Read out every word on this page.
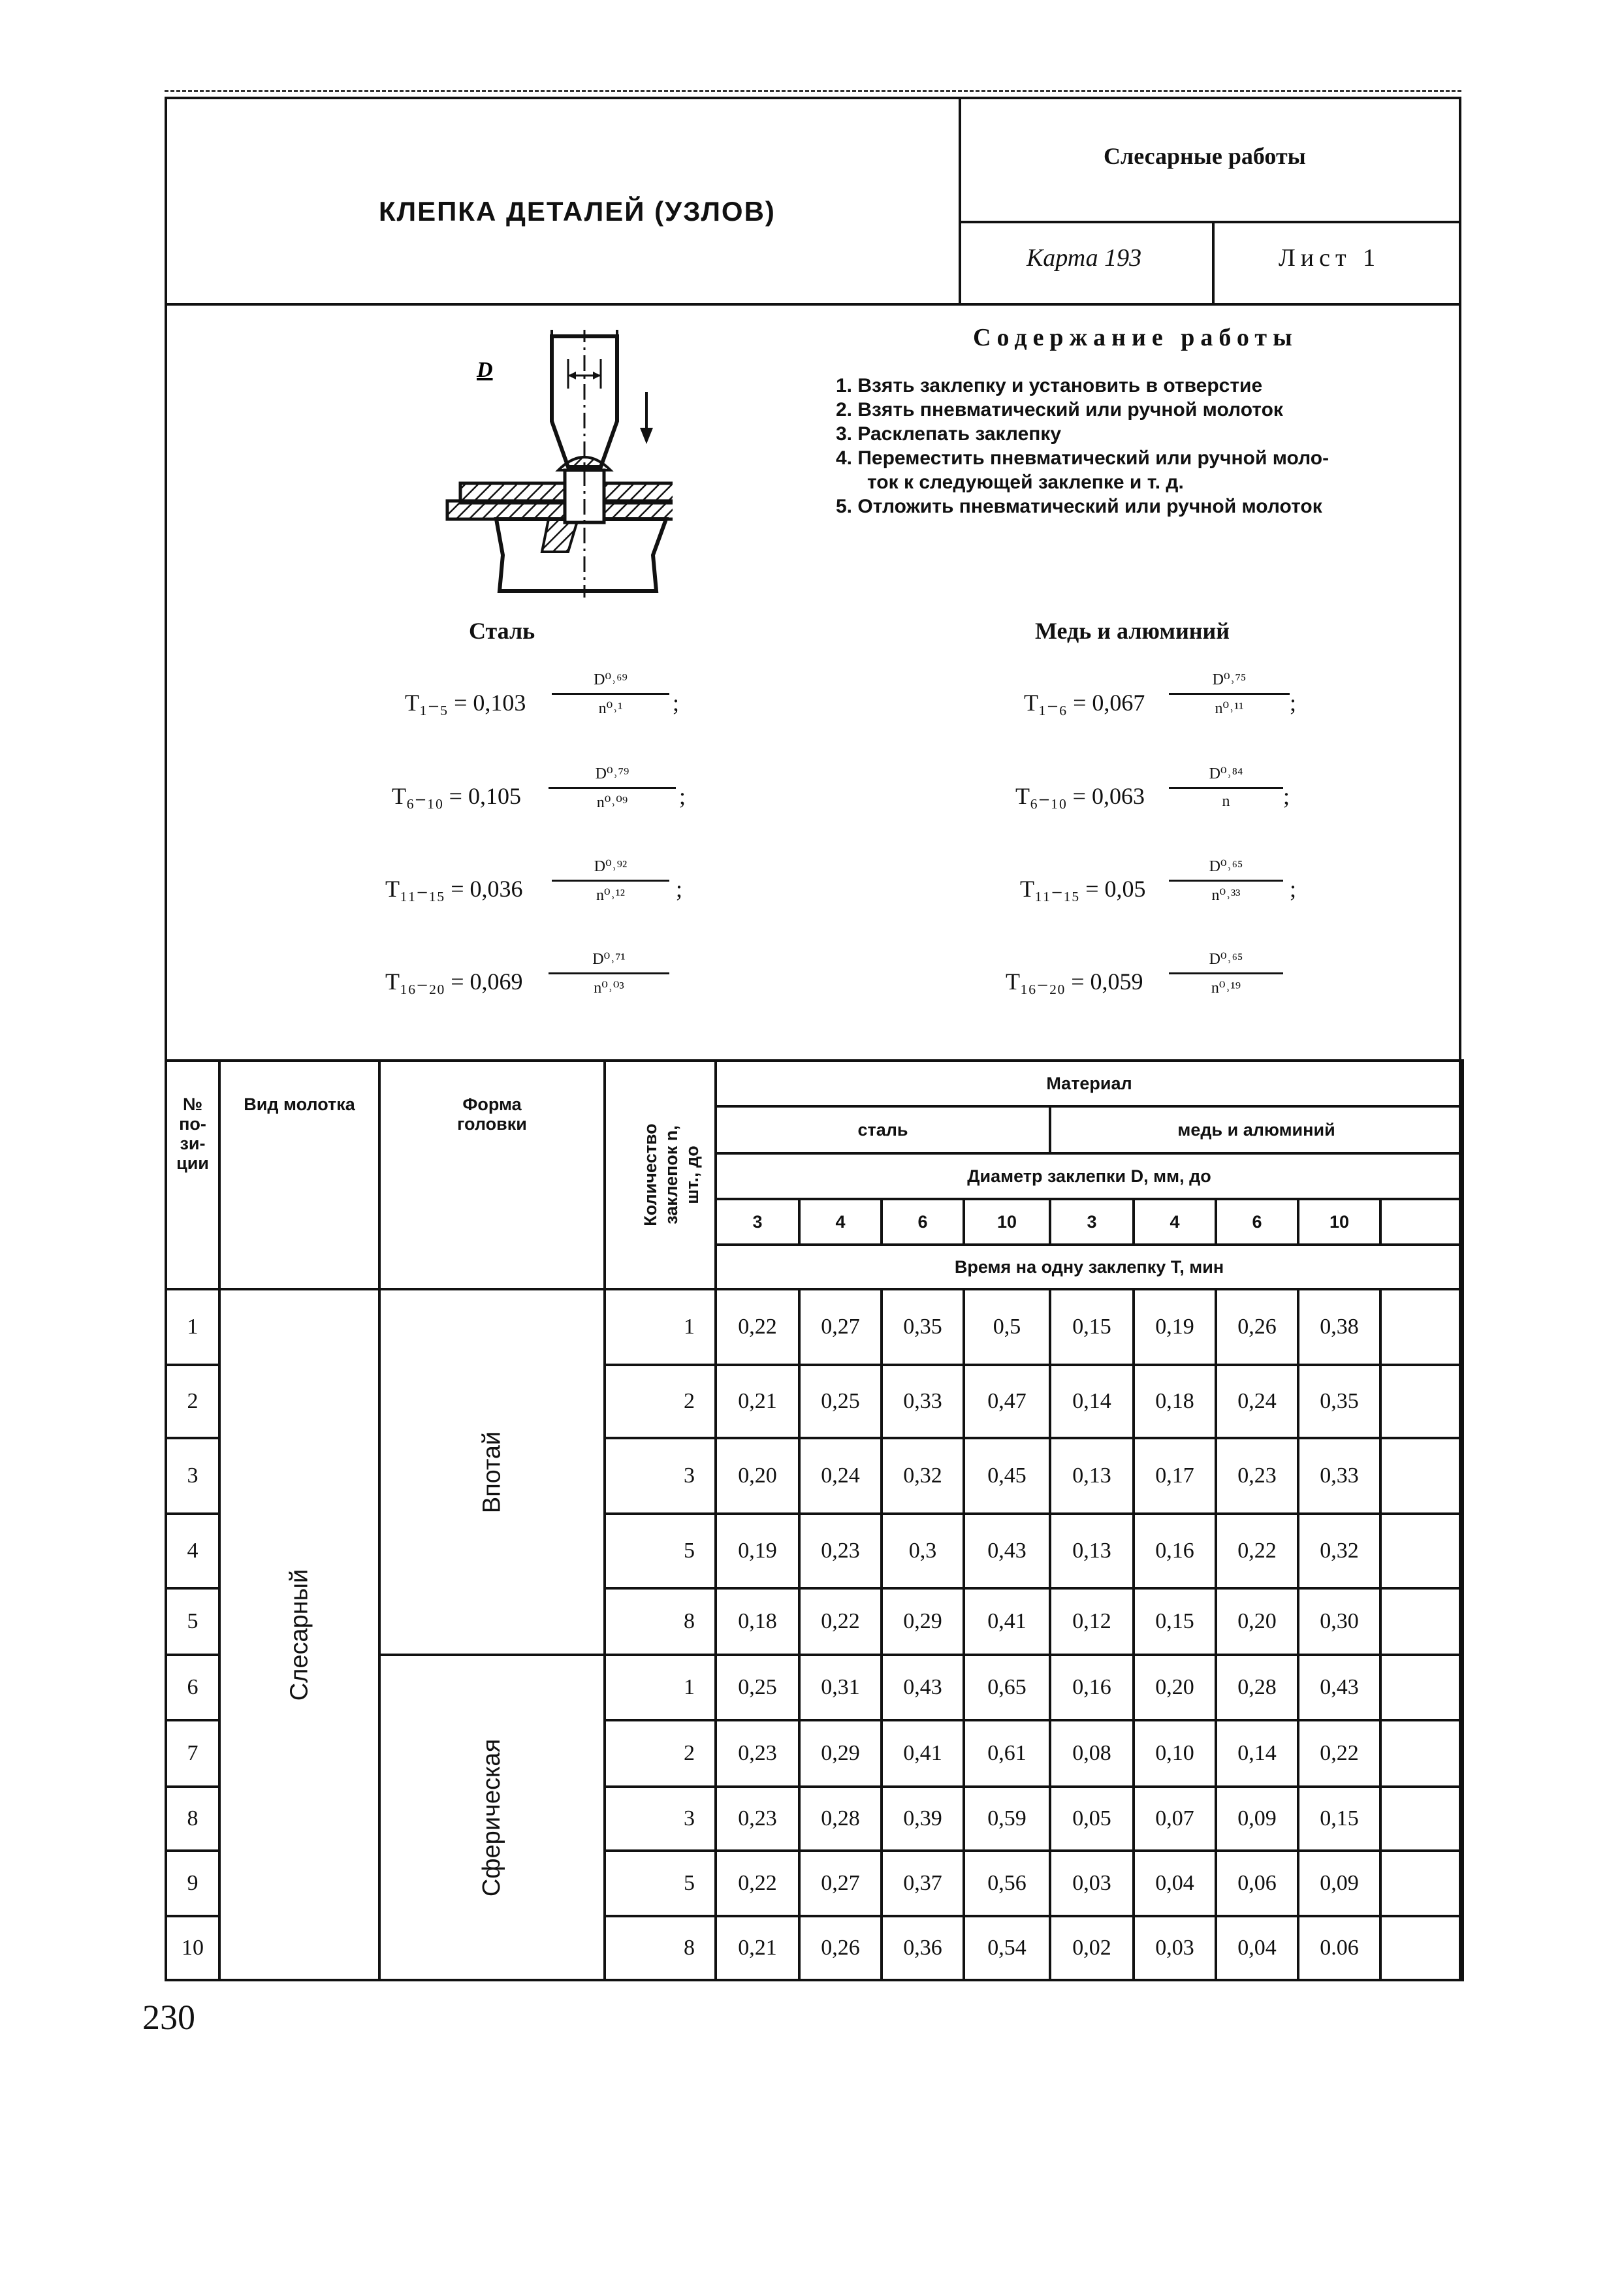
КЛЕПКА ДЕТАЛЕЙ (УЗЛОВ)
Слесарные работы
Карта 193	Лист 1
D
Содержание работы
1. Взять заклепку и установить в отверстие
2. Взять пневматический или ручной молоток
3. Расклепать заклепку
4. Переместить пневматический или ручной моло-
ток к следующей заклепке и т. д.
5. Отложить пневматический или ручной молоток
Сталь	Медь и алюминий
$T_{1-5} = 0,103 \frac{\text{D⁰˒⁶⁹}}{\text{n⁰˒¹}}$ ;
$T_{6-10} = 0,105 \frac{\text{D⁰˒⁷⁹}}{\text{n⁰˒⁰⁹}}$ ;
$T_{11-15} = 0,036 \frac{\text{D⁰˒⁹²}}{\text{n⁰˒¹²}}$ ;
$T_{16-20} = 0,069 \frac{\text{D⁰˒⁷¹}}{\text{n⁰˒⁰³}}$
$T_{1-6} = 0,067 \frac{\text{D⁰˒⁷⁵}}{\text{n⁰˒¹¹}}$ ;
$T_{6-10} = 0,063 \frac{\text{D⁰˒⁸⁴}}{n}$ ;
$T_{11-15} = 0,05 \frac{\text{D⁰˒⁶⁵}}{\text{n⁰˒³³}}$ ;
$T_{16-20} = 0,059 \frac{\text{D⁰˒⁶⁵}}{\text{n⁰˒¹⁹}}$
№ по- зи- ции	Вид молотка	Форма головки	Количество заклепок n, шт., до	Материал								
				сталь				медь и алюминий				
				Диаметр заклепки D, мм, до								
				3	4	6	10	3	4	6	10	
				Время на одну заклепку T, мин								
1	Слесарный	Впотай	1	0,22	0,27	0,35	0,5	0,15	0,19	0,26	0,38	
2			2	0,21	0,25	0,33	0,47	0,14	0,18	0,24	0,35	
3			3	0,20	0,24	0,32	0,45	0,13	0,17	0,23	0,33	
4			5	0,19	0,23	0,3	0,43	0,13	0,16	0,22	0,32	
5			8	0,18	0,22	0,29	0,41	0,12	0,15	0,20	0,30	
6		Сферическая	1	0,25	0,31	0,43	0,65	0,16	0,20	0,28	0,43	
7			2	0,23	0,29	0,41	0,61	0,08	0,10	0,14	0,22	
8			3	0,23	0,28	0,39	0,59	0,05	0,07	0,09	0,15	
9			5	0,22	0,27	0,37	0,56	0,03	0,04	0,06	0,09	
10			8	0,21	0,26	0,36	0,54	0,02	0,03	0,04	0.06	
230
